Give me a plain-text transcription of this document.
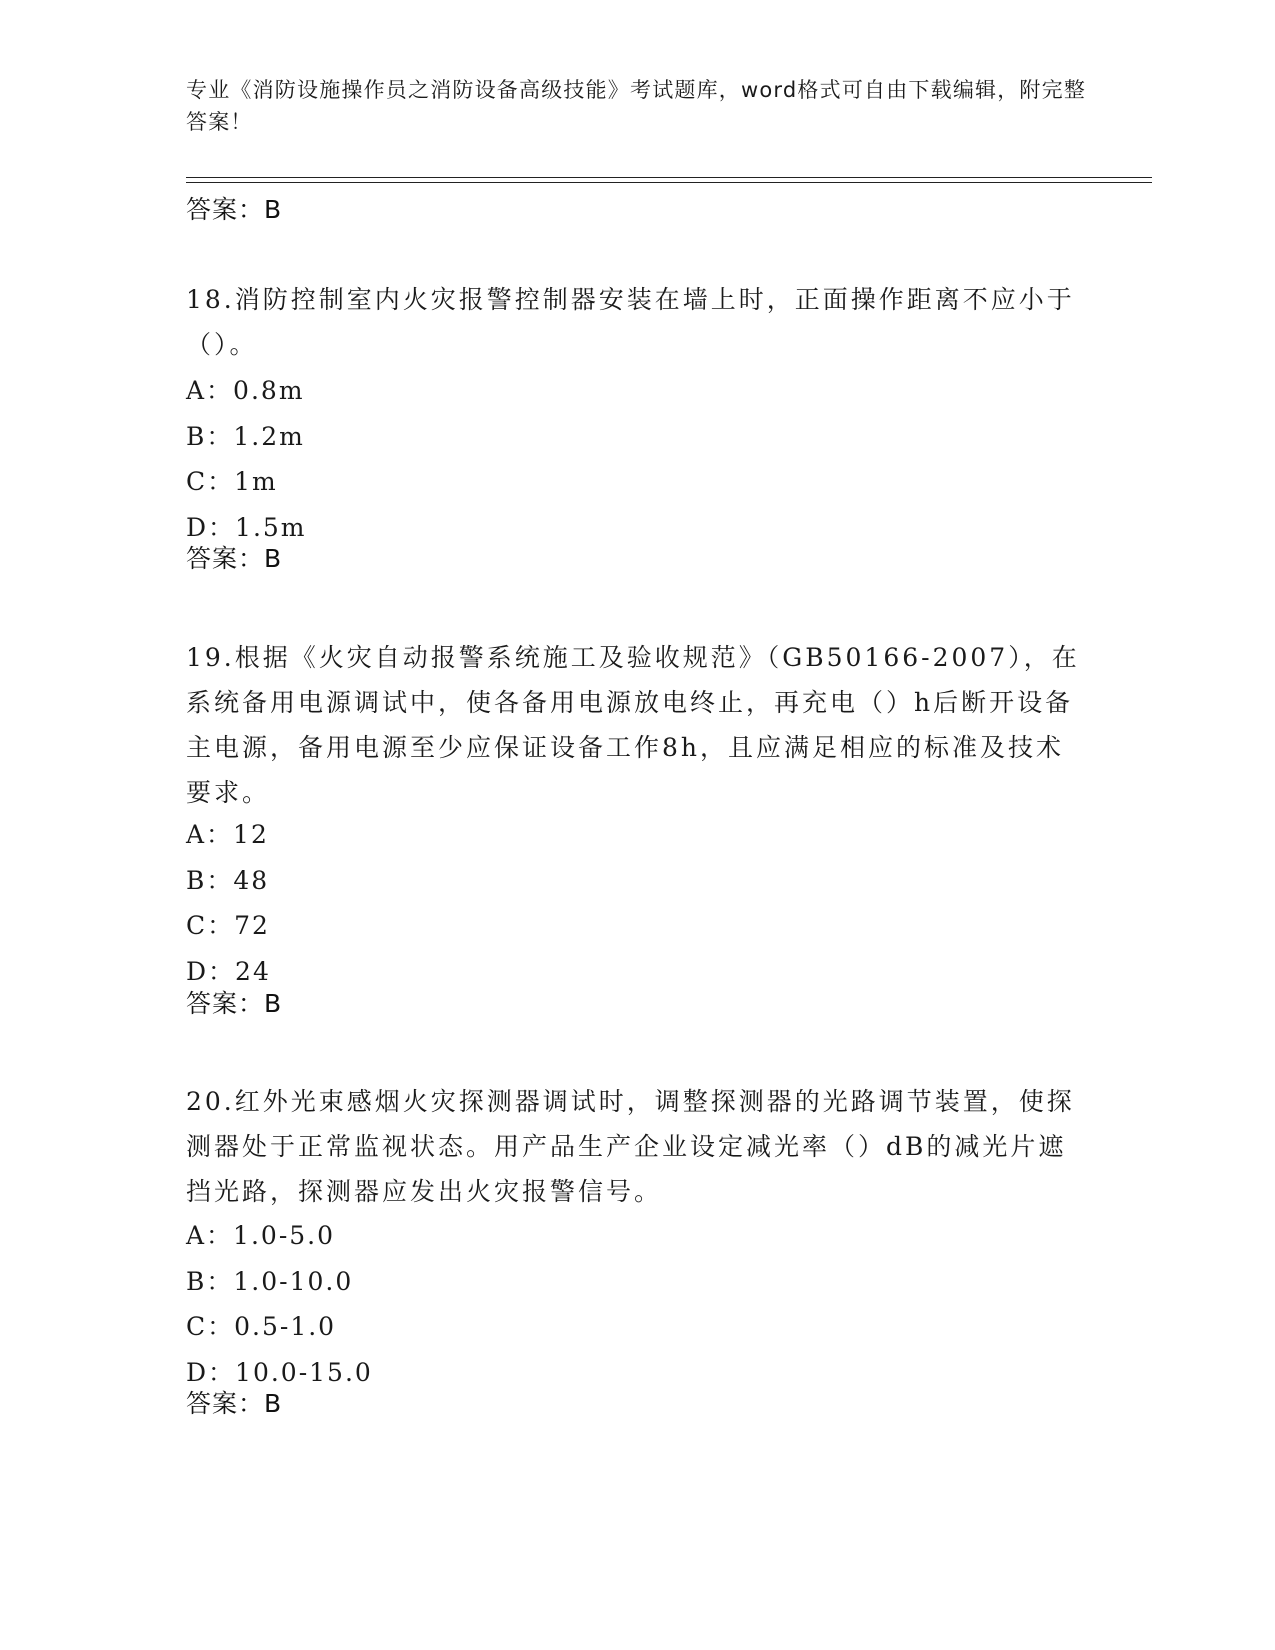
专业《消防设施操作员之消防设备高级技能》考试题库，word格式可自由下载编辑，附完整答案！
答案：B
18.消防控制室内火灾报警控制器安装在墙上时，正面操作距离不应小于（）。
A：0.8m
B：1.2m
C：1m
D：1.5m
答案：B
19.根据《火灾自动报警系统施工及验收规范》（GB50166-2007），在系统备用电源调试中，使各备用电源放电终止，再充电（）h后断开设备主电源，备用电源至少应保证设备工作8h，且应满足相应的标准及技术要求。
A：12
B：48
C：72
D：24
答案：B
20.红外光束感烟火灾探测器调试时，调整探测器的光路调节装置，使探测器处于正常监视状态。用产品生产企业设定减光率（）dB的减光片遮挡光路，探测器应发出火灾报警信号。
A：1.0-5.0
B：1.0-10.0
C：0.5-1.0
D：10.0-15.0
答案：B
